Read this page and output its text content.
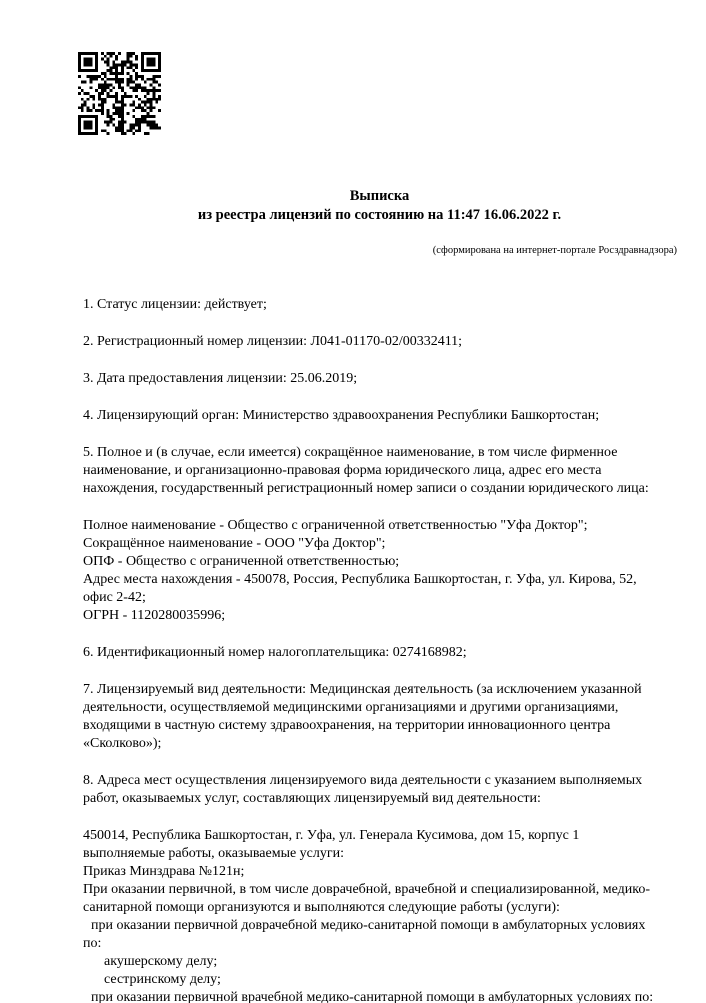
Выписка
из реестра лицензий по состоянию на 11:47 16.06.2022 г.
(сформирована на интернет-портале Росздравнадзора)

1. Статус лицензии: действует;

2. Регистрационный номер лицензии: Л041-01170-02/00332411;

3. Дата предоставления лицензии: 25.06.2019;

4. Лицензирующий орган: Министерство здравоохранения Республики Башкортостан;

5. Полное и (в случае, если имеется) сокращённое наименование, в том числе фирменное наименование, и организационно-правовая форма юридического лица, адрес его места нахождения, государственный регистрационный номер записи о создании юридического лица:

Полное наименование - Общество с ограниченной ответственностью "Уфа Доктор";

Сокращённое наименование - ООО "Уфа Доктор";

ОПФ - Общество с ограниченной ответственностью;

Адрес места нахождения - 450078, Россия, Республика Башкортостан, г. Уфа, ул. Кирова, 52, офис 2-42;

ОГРН - 1120280035996;

6. Идентификационный номер налогоплательщика: 0274168982;

7. Лицензируемый вид деятельности: Медицинская деятельность (за исключением указанной деятельности, осуществляемой медицинскими организациями и другими организациями, входящими в частную систему здравоохранения, на территории инновационного центра «Сколково»);

8. Адреса мест осуществления лицензируемого вида деятельности с указанием выполняемых работ, оказываемых услуг, составляющих лицензируемый вид деятельности:

450014, Республика Башкортостан, г. Уфа, ул. Генерала Кусимова, дом 15, корпус 1

выполняемые работы, оказываемые услуги:

Приказ Минздрава №121н;

При оказании первичной, в том числе доврачебной, врачебной и специализированной, медико-санитарной помощи организуются и выполняются следующие работы (услуги):

при оказании первичной доврачебной медико-санитарной помощи в амбулаторных условиях по:

акушерскому делу;

сестринскому делу;

при оказании первичной врачебной медико-санитарной помощи в амбулаторных условиях по:
